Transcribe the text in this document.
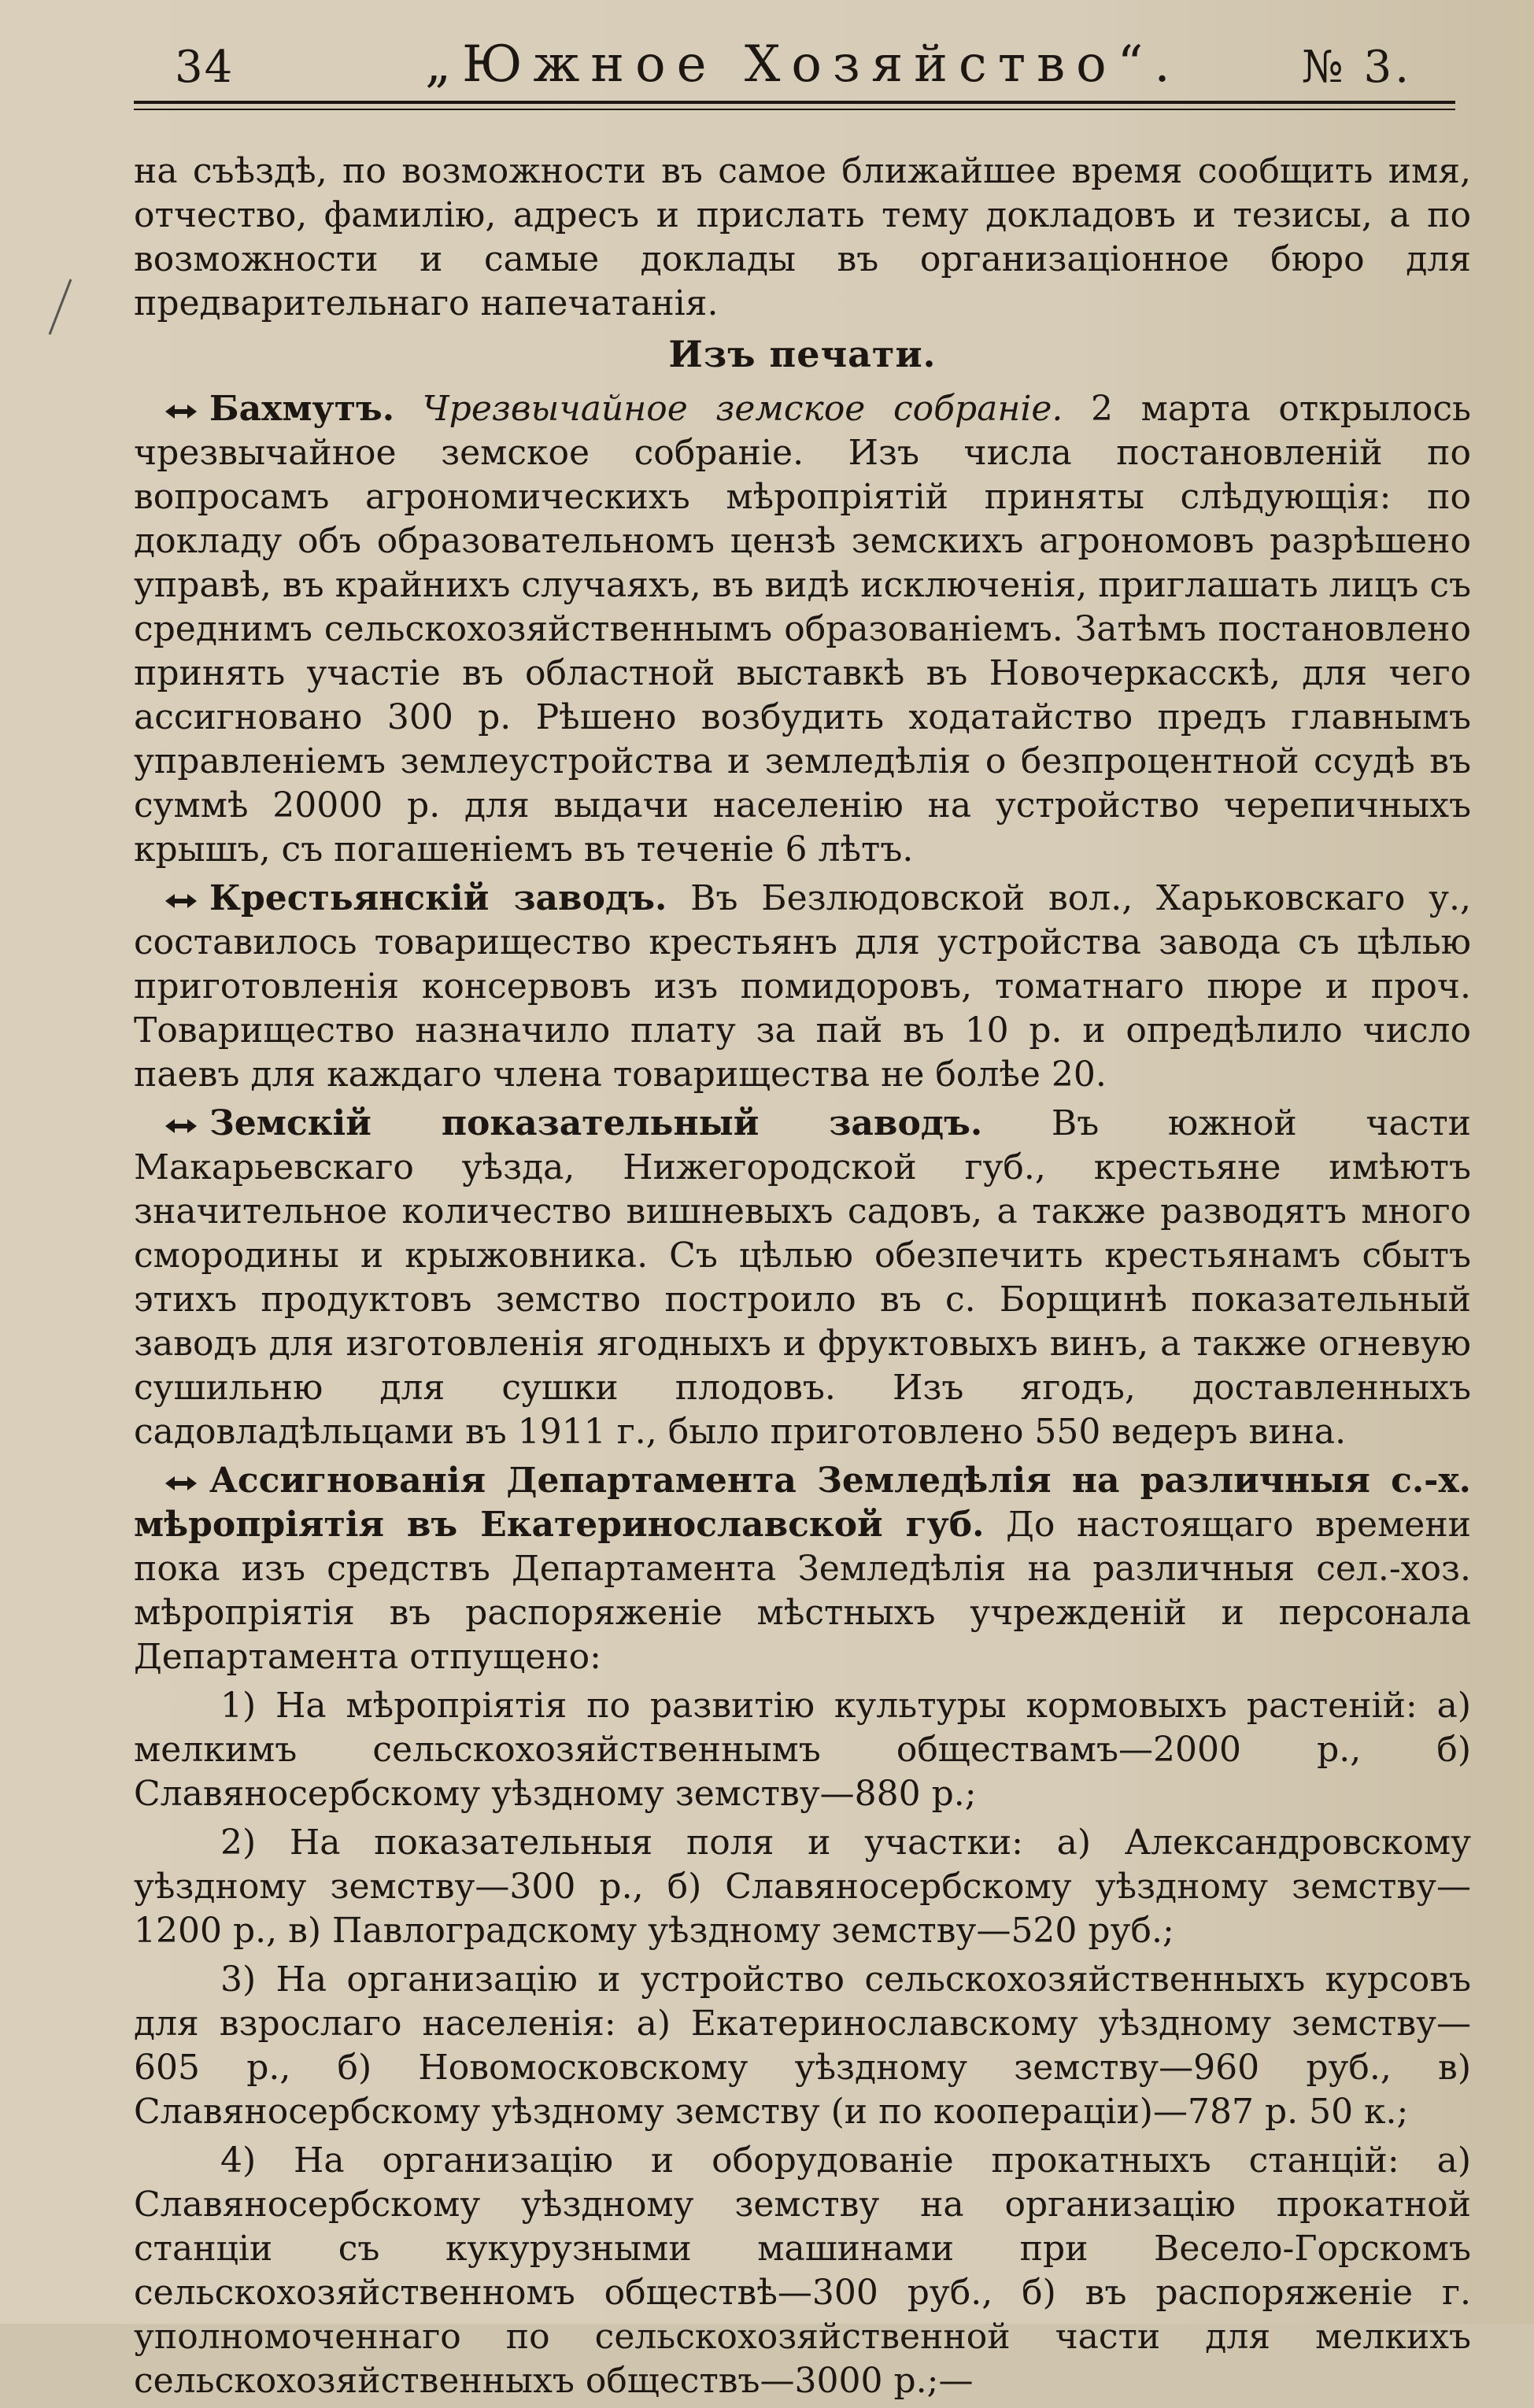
34	„Южное Хозяйство“.	№ 3.

на съѣздѣ, по возможности въ самое ближайшее время сообщить имя, отчество, фамилію, адресъ и прислать тему докладовъ и тезисы, а по возможности и самые доклады въ организаціонное бюро для предварительнаго напечатанія.

Изъ печати.

Бахмутъ. Чрезвычайное земское собраніе. 2 марта открылось чрезвычайное земское собраніе. Изъ числа постановленій по вопросамъ агрономическихъ мѣропріятій приняты слѣдующія: по докладу объ образовательномъ цензѣ земскихъ агрономовъ разрѣшено управѣ, въ крайнихъ случаяхъ, въ видѣ исключенія, приглашать лицъ съ среднимъ сельскохозяйственнымъ образованіемъ. Затѣмъ постановлено принять участіе въ областной выставкѣ въ Новочеркасскѣ, для чего ассигновано 300 р. Рѣшено возбудить ходатайство предъ главнымъ управленіемъ землеустройства и земледѣлія о безпроцентной ссудѣ въ суммѣ 20000 р. для выдачи населенію на устройство черепичныхъ крышъ, съ погашеніемъ въ теченіе 6 лѣтъ.

Крестьянскій заводъ. Въ Безлюдовской вол., Харьковскаго у., составилось товарищество крестьянъ для устройства завода съ цѣлью приготовленія консервовъ изъ помидоровъ, томатнаго пюре и проч. Товарищество назначило плату за пай въ 10 р. и опредѣлило число паевъ для каждаго члена товарищества не болѣе 20.

Земскій показательный заводъ. Въ южной части Макарьевскаго уѣзда, Нижегородской губ., крестьяне имѣютъ значительное количество вишневыхъ садовъ, а также разводятъ много смородины и крыжовника. Съ цѣлью обезпечить крестьянамъ сбытъ этихъ продуктовъ земство построило въ с. Борщинѣ показательный заводъ для изготовленія ягодныхъ и фруктовыхъ винъ, а также огневую сушильню для сушки плодовъ. Изъ ягодъ, доставленныхъ садовладѣльцами въ 1911 г., было приготовлено 550 ведеръ вина.

Ассигнованія Департамента Земледѣлія на различныя с.-х. мѣропріятія въ Екатеринославской губ. До настоящаго времени пока изъ средствъ Департамента Земледѣлія на различныя сел.-хоз. мѣропріятія въ распоряженіе мѣстныхъ учрежденій и персонала Департамента отпущено:

1) На мѣропріятія по развитію культуры кормовыхъ растеній: а) мелкимъ сельскохозяйственнымъ обществамъ—2000 р., б) Славяносербскому уѣздному земству—880 р.;

2) На показательныя поля и участки: а) Александровскому уѣздному земству—300 р., б) Славяносербскому уѣздному земству—1200 р., в) Павлоградскому уѣздному земству—520 руб.;

3) На организацію и устройство сельскохозяйственныхъ курсовъ для взрослаго населенія: а) Екатеринославскому уѣздному земству—605 р., б) Новомосковскому уѣздному земству—960 руб., в) Славяносербскому уѣздному земству (и по коопераціи)—787 р. 50 к.;

4) На организацію и оборудованіе прокатныхъ станцій: а) Славяносербскому уѣздному земству на организацію прокатной станціи съ кукурузными машинами при Весело-Горскомъ сельскохозяйственномъ обществѣ—300 руб., б) въ распоряженіе г. уполномоченнаго по сельскохозяйственной части для мелкихъ сельскохозяйственныхъ обществъ—3000 р.;—
